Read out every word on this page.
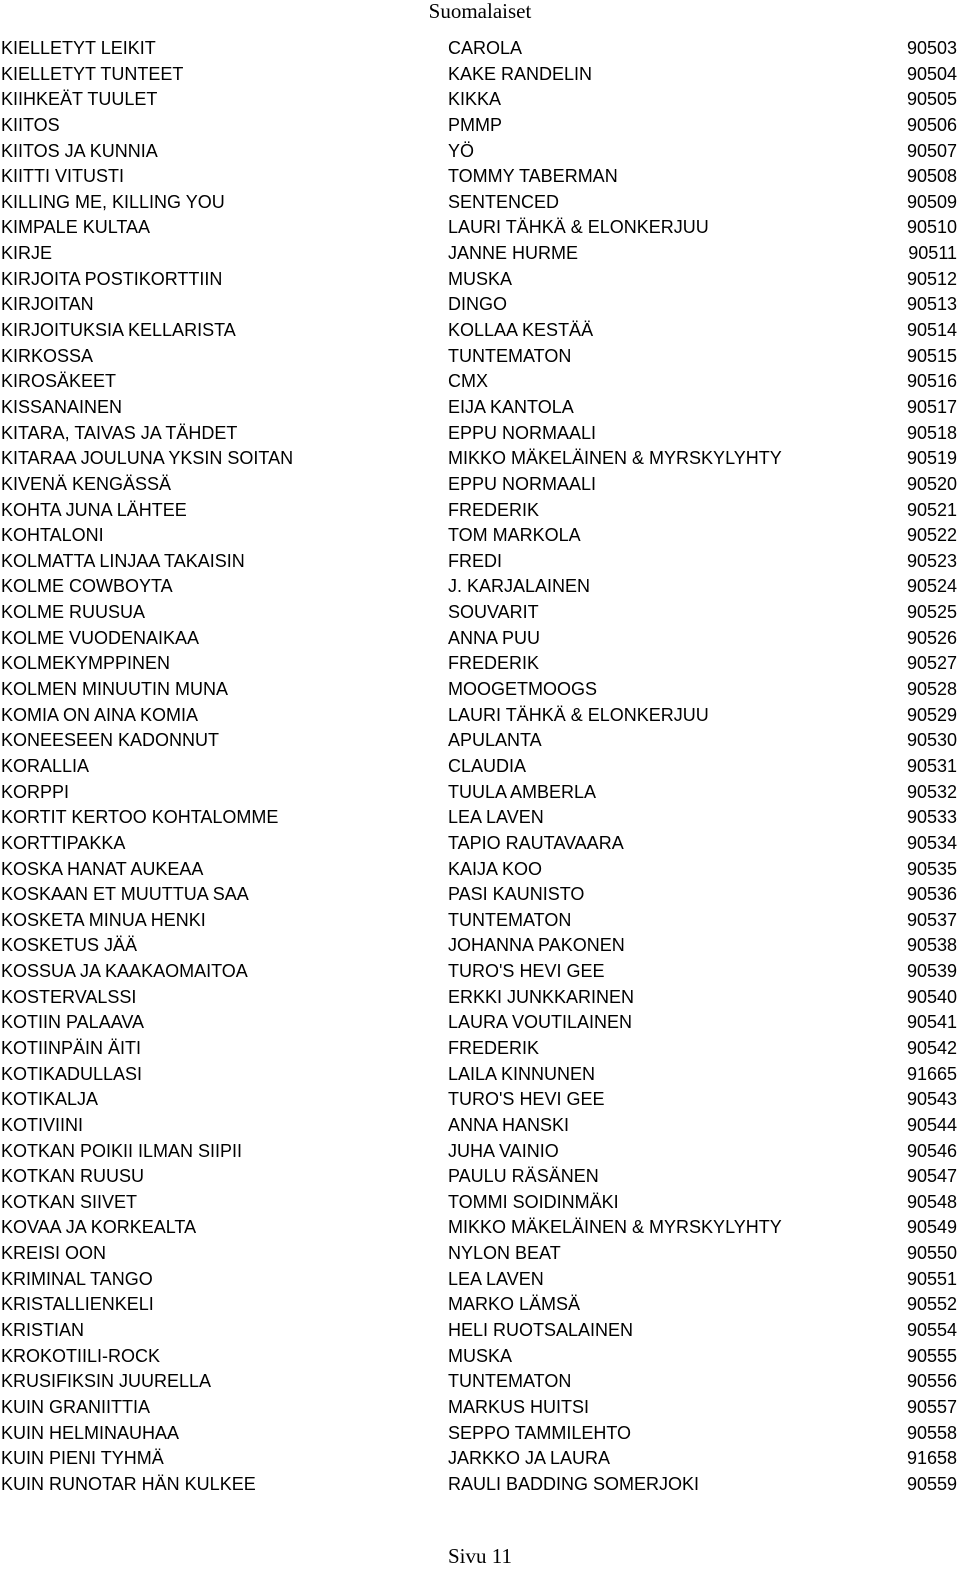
Suomalaiset
KIELLETYT LEIKIT	CAROLA	90503
KIELLETYT TUNTEET	KAKE RANDELIN	90504
KIIHKEÄT TUULET	KIKKA	90505
KIITOS	PMMP	90506
KIITOS JA KUNNIA	YÖ	90507
KIITTI VITUSTI	TOMMY TABERMAN	90508
KILLING ME, KILLING YOU	SENTENCED	90509
KIMPALE KULTAA	LAURI TÄHKÄ & ELONKERJUU	90510
KIRJE	JANNE HURME	90511
KIRJOITA POSTIKORTTIIN	MUSKA	90512
KIRJOITAN	DINGO	90513
KIRJOITUKSIA KELLARISTA	KOLLAA KESTÄÄ	90514
KIRKOSSA	TUNTEMATON	90515
KIROSÄKEET	CMX	90516
KISSANAINEN	EIJA KANTOLA	90517
KITARA, TAIVAS JA TÄHDET	EPPU NORMAALI	90518
KITARAA JOULUNA YKSIN SOITAN	MIKKO MÄKELÄINEN & MYRSKYLYHTY	90519
KIVENÄ KENGÄSSÄ	EPPU NORMAALI	90520
KOHTA JUNA LÄHTEE	FREDERIK	90521
KOHTALONI	TOM MARKOLA	90522
KOLMATTA LINJAA TAKAISIN	FREDI	90523
KOLME COWBOYTA	J. KARJALAINEN	90524
KOLME RUUSUA	SOUVARIT	90525
KOLME VUODENAIKAA	ANNA PUU	90526
KOLMEKYMPPINEN	FREDERIK	90527
KOLMEN MINUUTIN MUNA	MOOGETMOOGS	90528
KOMIA ON AINA KOMIA	LAURI TÄHKÄ & ELONKERJUU	90529
KONEESEEN KADONNUT	APULANTA	90530
KORALLIA	CLAUDIA	90531
KORPPI	TUULA AMBERLA	90532
KORTIT KERTOO KOHTALOMME	LEA LAVEN	90533
KORTTIPAKKA	TAPIO RAUTAVAARA	90534
KOSKA HANAT AUKEAA	KAIJA KOO	90535
KOSKAAN ET MUUTTUA SAA	PASI KAUNISTO	90536
KOSKETA MINUA HENKI	TUNTEMATON	90537
KOSKETUS JÄÄ	JOHANNA PAKONEN	90538
KOSSUA JA KAAKAOMAITOA	TURO'S HEVI GEE	90539
KOSTERVALSSI	ERKKI JUNKKARINEN	90540
KOTIIN PALAAVA	LAURA VOUTILAINEN	90541
KOTIINPÄIN ÄITI	FREDERIK	90542
KOTIKADULLASI	LAILA KINNUNEN	91665
KOTIKALJA	TURO'S HEVI GEE	90543
KOTIVIINI	ANNA HANSKI	90544
KOTKAN POIKII ILMAN SIIPII	JUHA VAINIO	90546
KOTKAN RUUSU	PAULU RÄSÄNEN	90547
KOTKAN SIIVET	TOMMI SOIDINMÄKI	90548
KOVAA JA KORKEALTA	MIKKO MÄKELÄINEN & MYRSKYLYHTY	90549
KREISI OON	NYLON BEAT	90550
KRIMINAL TANGO	LEA LAVEN	90551
KRISTALLIENKELI	MARKO LÄMSÄ	90552
KRISTIAN	HELI RUOTSALAINEN	90554
KROKOTIILI-ROCK	MUSKA	90555
KRUSIFIKSIN JUURELLA	TUNTEMATON	90556
KUIN GRANIITTIA	MARKUS HUITSI	90557
KUIN HELMINAUHAA	SEPPO TAMMILEHTO	90558
KUIN PIENI TYHMÄ	JARKKO JA LAURA	91658
KUIN RUNOTAR HÄN KULKEE	RAULI BADDING SOMERJOKI	90559
Sivu 11
